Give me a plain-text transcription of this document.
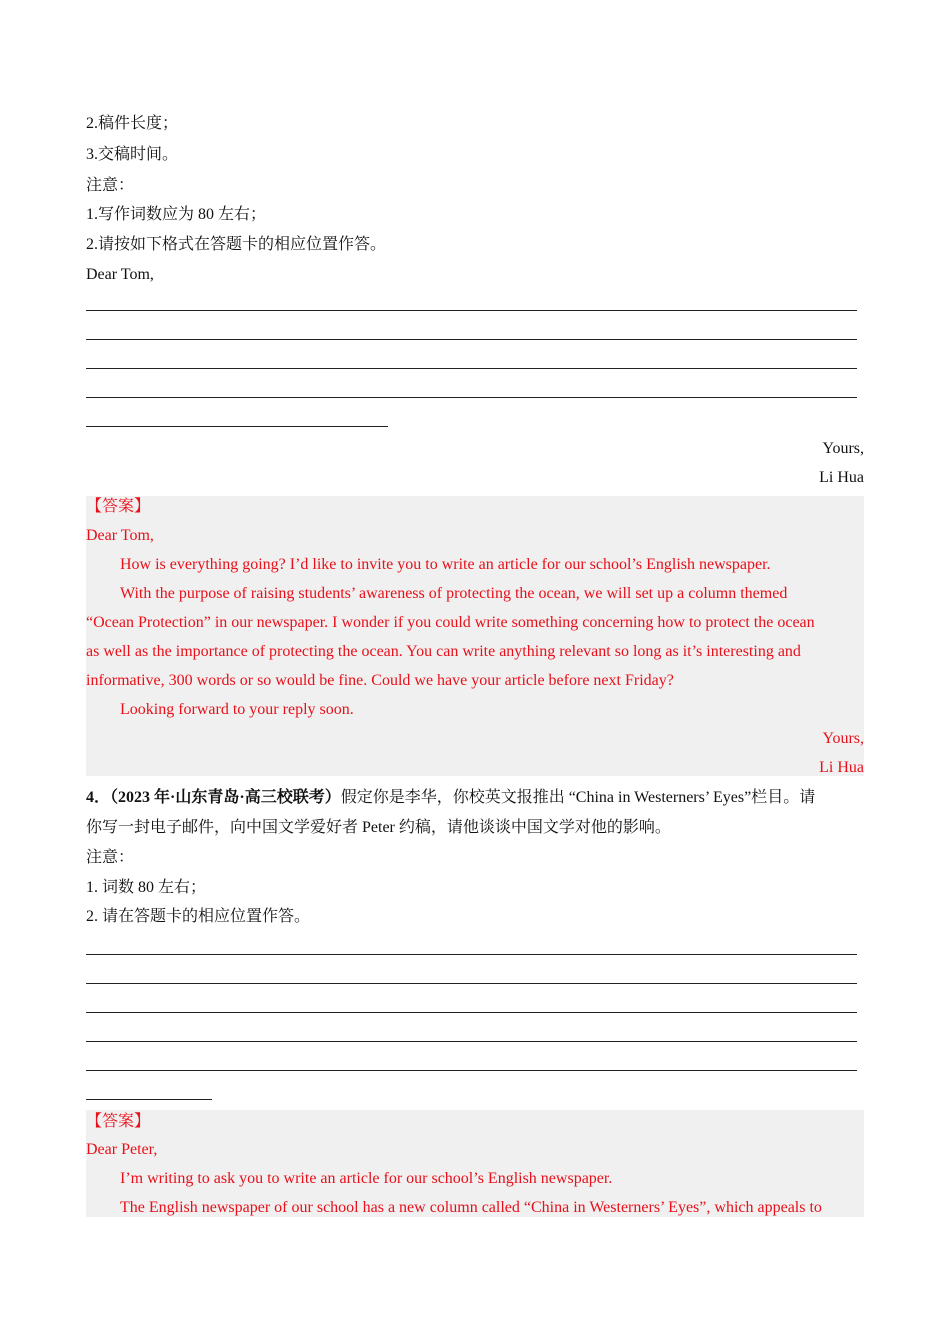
2.稿件长度；
3.交稿时间。
注意：
1.写作词数应为 80 左右；
2.请按如下格式在答题卡的相应位置作答。
Dear Tom,
Yours,
Li Hua
【答案】
Dear Tom,
How is everything going? I’d like to invite you to write an article for our school’s English newspaper.
With the purpose of raising students’ awareness of protecting the ocean, we will set up a column themed
“Ocean Protection” in our newspaper. I wonder if you could write something concerning how to protect the ocean
as well as the importance of protecting the ocean. You can write anything relevant so long as it’s interesting and
informative, 300 words or so would be fine. Could we have your article before next Friday?
Looking forward to your reply soon.
Yours,
Li Hua
4．（2023 年·山东青岛·高三校联考）假定你是李华，你校英文报推出 “China in Westerners’ Eyes”栏目。请
你写一封电子邮件，向中国文学爱好者 Peter 约稿，请他谈谈中国文学对他的影响。
注意：
1. 词数 80 左右；
2. 请在答题卡的相应位置作答。
【答案】
Dear Peter,
I’m writing to ask you to write an article for our school’s English newspaper.
The English newspaper of our school has a new column called “China in Westerners’ Eyes”, which appeals to
